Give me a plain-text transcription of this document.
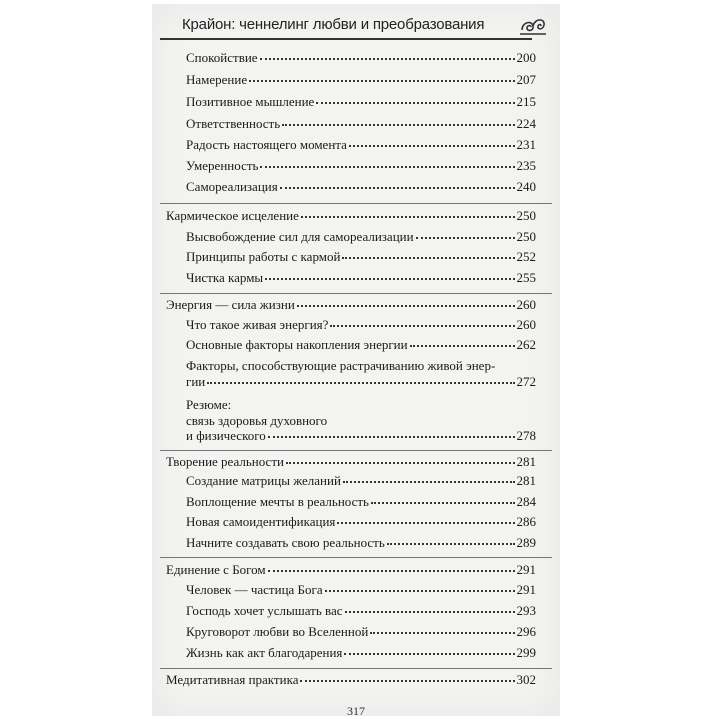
Крайон: ченнелинг любви и преобразования
Спокойствие	200
Намерение	207
Позитивное мышление	215
Ответственность	224
Радость настоящего момента	231
Умеренность	235
Самореализация	240
Кармическое исцеление	250
Высвобождение сил для самореализации	250
Принципы работы с кармой	252
Чистка кармы	255
Энергия — сила жизни	260
Что такое живая энергия?	260
Основные факторы накопления энергии	262
Факторы, способствующие растрачиванию живой энер-
гии	272
Резюме:
связь здоровья духовного
и физического	278
Творение реальности	281
Создание матрицы желаний	281
Воплощение мечты в реальность	284
Новая самоидентификация	286
Начните создавать свою реальность	289
Единение с Богом	291
Человек — частица Бога	291
Господь хочет услышать вас	293
Круговорот любви во Вселенной	296
Жизнь как акт благодарения	299
Медитативная практика	302
317
